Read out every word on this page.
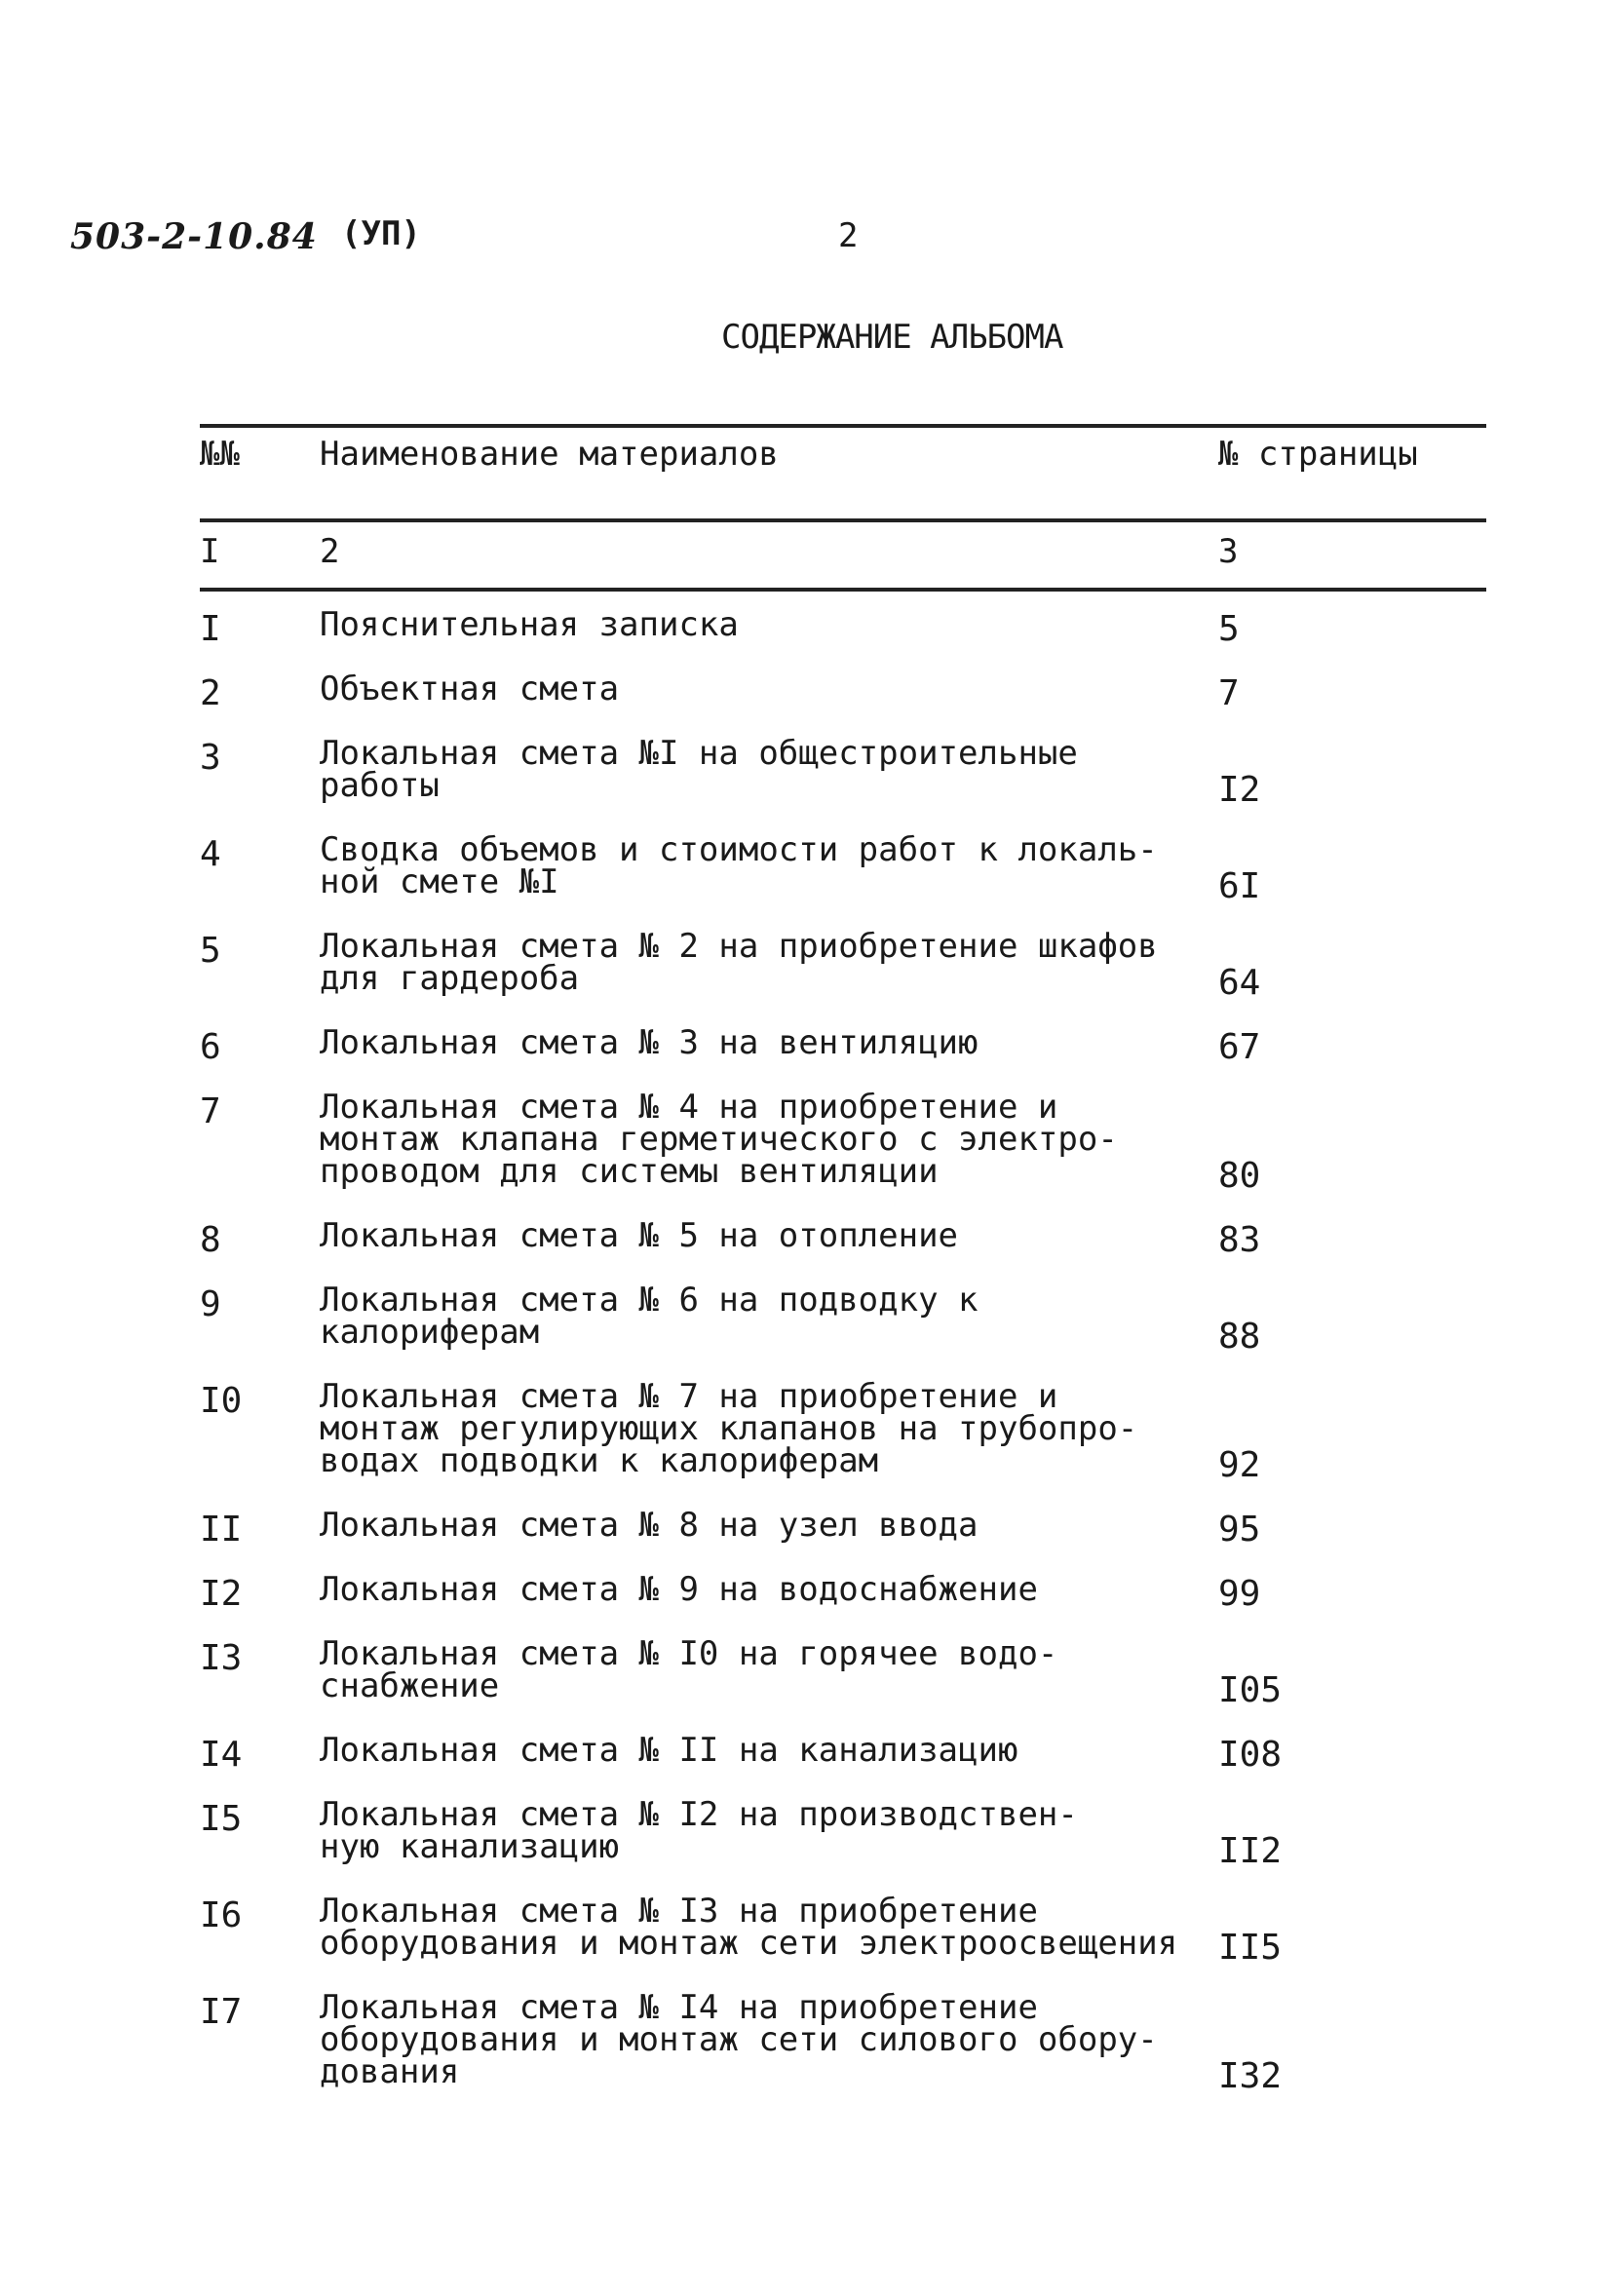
503-2-10.84 (УП)	2
СОДЕРЖАНИЕ АЛЬБОМА
№№ Наименование материалов	№ страницы
I	2	3
I	Пояснительная записка	5
2	Объектная смета	7
3	Локальная смета №I на общестроительные
работы	I2
4	Сводка объемов и стоимости работ к локаль-
ной смете №I	6I
5	Локальная смета № 2 на приобретение шкафов
для гардероба	64
6	Локальная смета № 3 на вентиляцию	67
7	Локальная смета № 4 на приобретение и
монтаж клапана герметического с электро-
проводом для системы вентиляции	80
8	Локальная смета № 5 на отопление	83
9	Локальная смета № 6 на подводку к
калориферам	88
I0 Локальная смета № 7 на приобретение и
монтаж регулирующих клапанов на трубопро-
водах подводки к калориферам	92
II Локальная смета № 8 на узел ввода	95
I2 Локальная смета № 9 на водоснабжение	99
I3 Локальная смета № I0 на горячее водо-
снабжение	I05
I4 Локальная смета № II на канализацию	I08
I5 Локальная смета № I2 на производствен-
ную канализацию	II2
I6 Локальная смета № I3 на приобретение
оборудования и монтаж сети электроосвещения	II5
I7 Локальная смета № I4 на приобретение
оборудования и монтаж сети силового обору-
дования	I32
